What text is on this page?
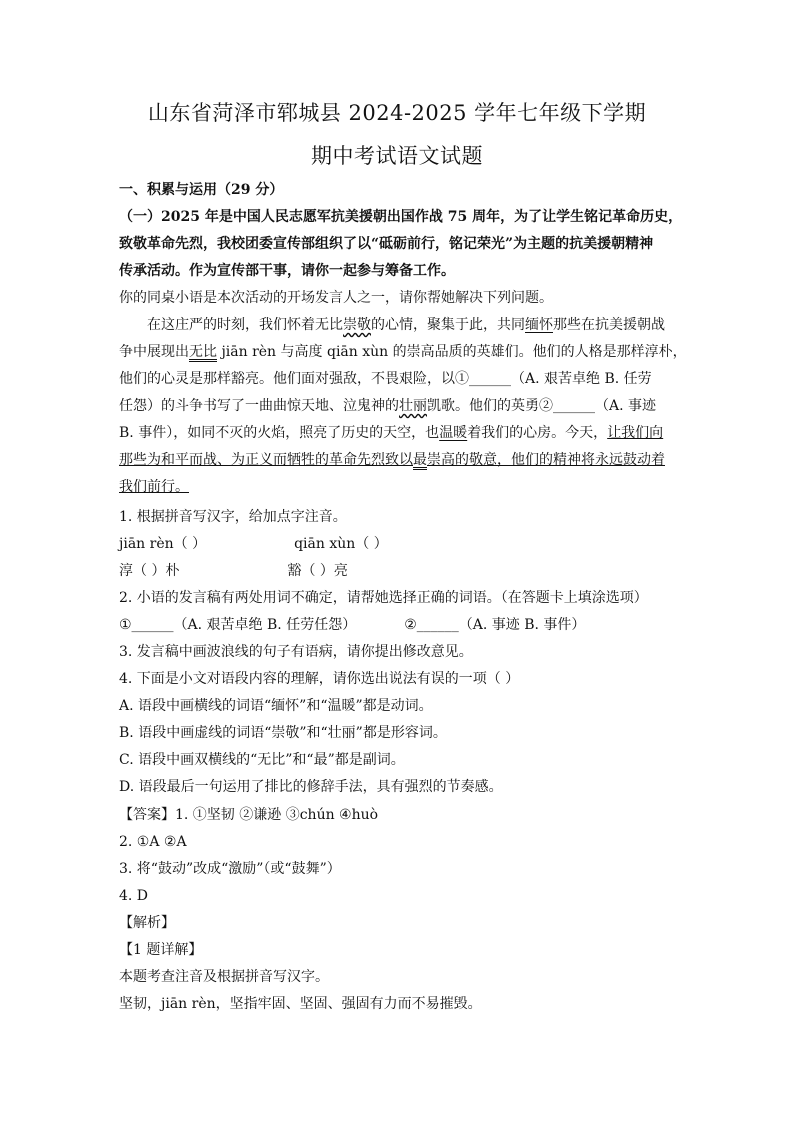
山东省菏泽市郓城县 2024-2025 学年七年级下学期
期中考试语文试题
一、积累与运用（29 分）
（一）2025 年是中国人民志愿军抗美援朝出国作战 75 周年，为了让学生铭记革命历史，
致敬革命先烈，我校团委宣传部组织了以“砥砺前行，铭记荣光”为主题的抗美援朝精神
传承活动。作为宣传部干事，请你一起参与筹备工作。
你的同桌小语是本次活动的开场发言人之一，请你帮她解决下列问题。
在这庄严的时刻，我们怀着无比崇敬的心情，聚集于此，共同缅怀那些在抗美援朝战
争中展现出无比 jiān rèn 与高度 qiān xùn 的崇高品质的英雄们。他们的人格是那样淳朴，
他们的心灵是那样豁亮。他们面对强敌，不畏艰险，以①______（A. 艰苦卓绝 B. 任劳
任怨）的斗争书写了一曲曲惊天地、泣鬼神的壮丽凯歌。他们的英勇②______（A. 事迹
B. 事件），如同不灭的火焰，照亮了历史的天空，也温暖着我们的心房。今天，让我们向
那些为和平而战、为正义而牺牲的革命先烈致以最崇高的敬意，他们的精神将永远鼓动着
我们前行。
1. 根据拼音写汉字，给加点字注音。
jiān rèn（ ）	qiān xùn（ ）
淳（ ）朴	豁（ ）亮
2. 小语的发言稿有两处用词不确定，请帮她选择正确的词语。（在答题卡上填涂选项）
①______（A. 艰苦卓绝 B. 任劳任怨）	②______（A. 事迹 B. 事件）
3. 发言稿中画波浪线的句子有语病，请你提出修改意见。
4. 下面是小文对语段内容的理解，请你选出说法有误的一项（ ）
A. 语段中画横线的词语“缅怀”和“温暖”都是动词。
B. 语段中画虚线的词语“崇敬”和“壮丽”都是形容词。
C. 语段中画双横线的“无比”和“最”都是副词。
D. 语段最后一句运用了排比的修辞手法，具有强烈的节奏感。
【答案】1. ①坚韧 ②谦逊 ③chún ④huò
2. ①A ②A
3. 将“鼓动”改成“激励”（或“鼓舞”）
4. D
【解析】
【1 题详解】
本题考查注音及根据拼音写汉字。
坚韧，jiān rèn，坚指牢固、坚固、强固有力而不易摧毁。
